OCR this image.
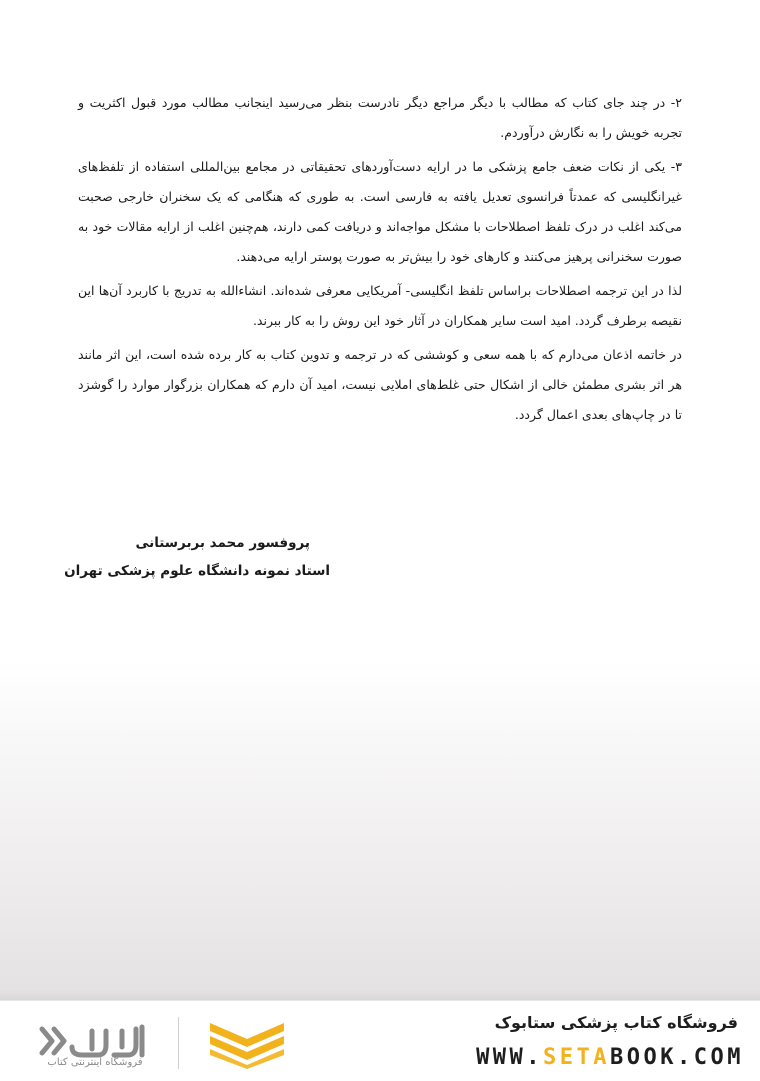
۲- در چند جای کتاب که مطالب با دیگر مراجع دیگر نادرست بنظر می‌رسید اینجانب مطالب مورد قبول اکثریت و تجربه خویش را به نگارش درآوردم.

۳- یکی از نکات ضعف جامع پزشکی ما در ارایه دست‌آوردهای تحقیقاتی در مجامع بین‌المللی استفاده از تلفظ‌های غیرانگلیسی که عمدتاً فرانسوی تعدیل یافته به فارسی است. به طوری که هنگامی که یک سخنران خارجی صحبت می‌کند اغلب در درک تلفظ اصطلاحات با مشکل مواجه‌اند و دریافت کمی دارند، هم‌چنین اغلب از ارایه مقالات خود به صورت سخنرانی پرهیز می‌کنند و کارهای خود را بیش‌تر به صورت پوستر ارایه می‌دهند.

لذا در این ترجمه اصطلاحات براساس تلفظ انگلیسی- آمریکایی معرفی شده‌اند. انشاء‌الله به تدریج با کاربرد آن‌ها این نقیصه برطرف گردد. امید است سایر همکاران در آثار خود این روش را به کار ببرند.

در خاتمه اذعان می‌دارم که با همه سعی و کوششی که در ترجمه و تدوین کتاب به کار برده شده است، این اثر مانند هر اثر بشری مطمئن خالی از اشکال حتی غلط‌های املایی نیست، امید آن دارم که همکاران بزرگوار موارد را گوشزد تا در چاپ‌های بعدی اعمال گردد.

پروفسور محمد بربرستانی
استاد نمونه دانشگاه علوم پزشکی تهران
فروشگاه اینترنتی کتاب
فروشگاه کتاب پزشکی ستابوک
WWW.SETABOOK.COM
